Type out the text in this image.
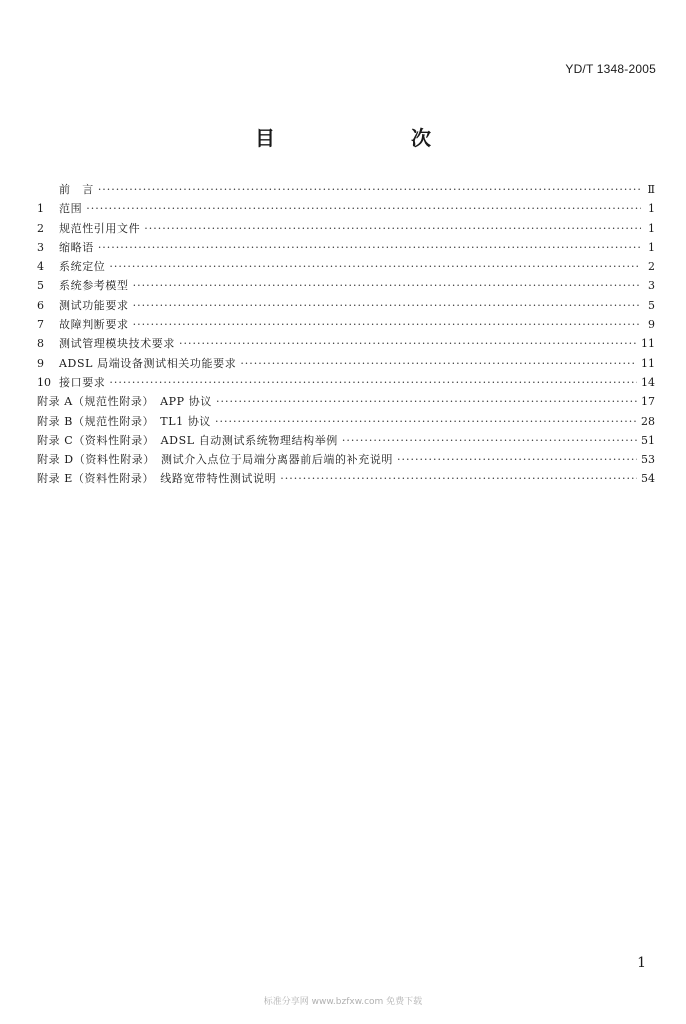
YD/T 1348-2005
目　次
前　言 ·····	Ⅱ
1	范围 ·····	1
2	规范性引用文件 ·····	1
3	缩略语 ·····	1
4	系统定位 ·····	2
5	系统参考模型 ·····	3
6	测试功能要求 ·····	5
7	故障判断要求 ·····	9
8	测试管理模块技术要求 ·····	11
9	ADSL 局端设备测试相关功能要求 ·····	11
10 接口要求 ·····	14
附录 A（规范性附录）　APP 协议 ·····	17
附录 B（规范性附录）　TL1 协议 ·····	28
附录 C（资料性附录）　ADSL 自动测试系统物理结构举例 ·····	51
附录 D（资料性附录）　测试介入点位于局端分离器前后端的补充说明 ·····	53
附录 E（资料性附录）　线路宽带特性测试说明 ·····	54
1
标准分享网 www.bzfxw.com 免费下载
